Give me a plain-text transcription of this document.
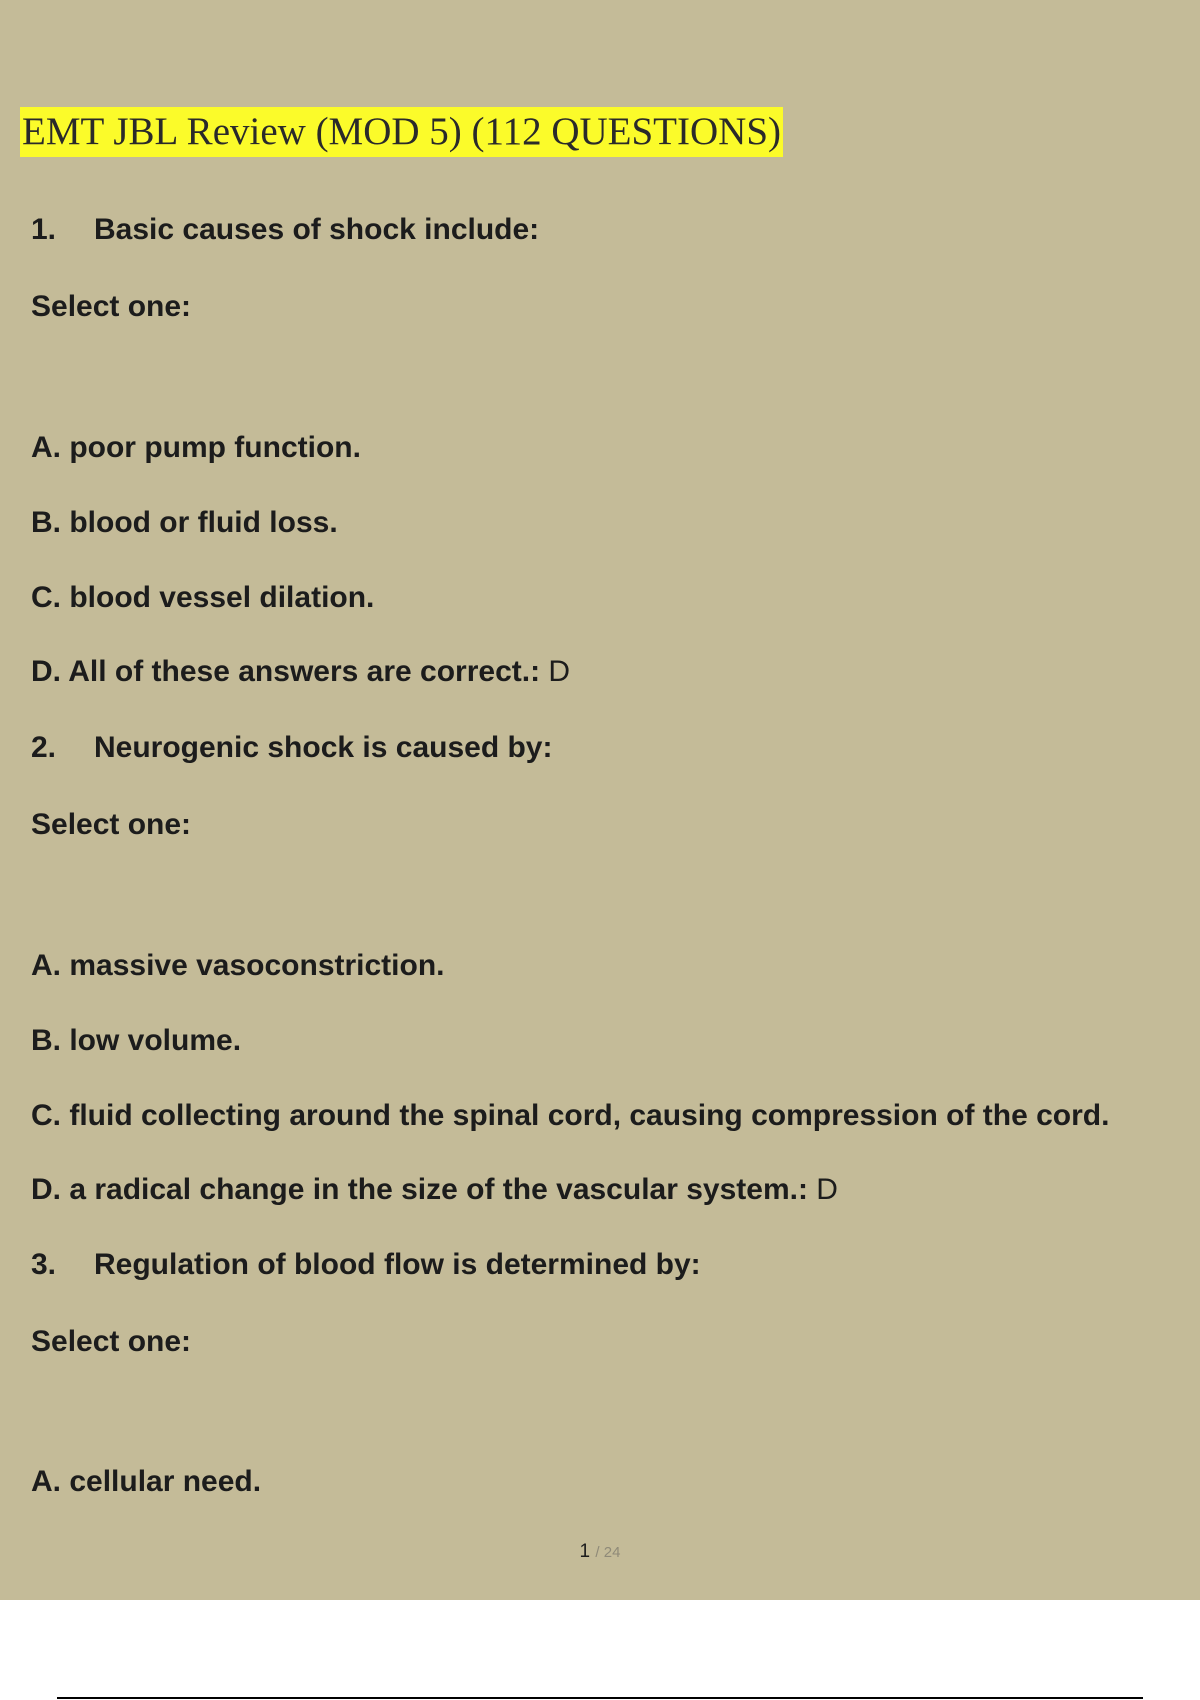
EMT JBL Review (MOD 5) (112 QUESTIONS)
1. Basic causes of shock include:
Select one:
A. poor pump function.
B. blood or fluid loss.
C. blood vessel dilation.
D. All of these answers are correct.: D
2. Neurogenic shock is caused by:
Select one:
A. massive vasoconstriction.
B. low volume.
C. fluid collecting around the spinal cord, causing compression of the cord.
D. a radical change in the size of the vascular system.: D
3. Regulation of blood flow is determined by:
Select one:
A. cellular need.
1 / 24
